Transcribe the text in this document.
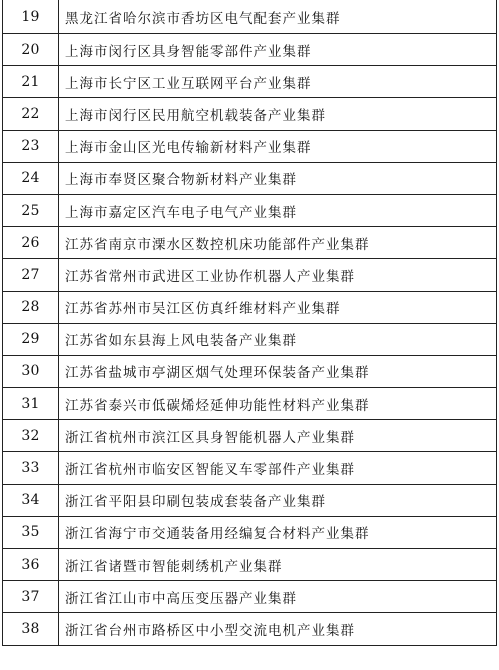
19	黑龙江省哈尔滨市香坊区电气配套产业集群
20	上海市闵行区具身智能零部件产业集群
21	上海市长宁区工业互联网平台产业集群
22	上海市闵行区民用航空机载装备产业集群
23	上海市金山区光电传输新材料产业集群
24	上海市奉贤区聚合物新材料产业集群
25	上海市嘉定区汽车电子电气产业集群
26	江苏省南京市溧水区数控机床功能部件产业集群
27	江苏省常州市武进区工业协作机器人产业集群
28	江苏省苏州市吴江区仿真纤维材料产业集群
29	江苏省如东县海上风电装备产业集群
30	江苏省盐城市亭湖区烟气处理环保装备产业集群
31	江苏省泰兴市低碳烯烃延伸功能性材料产业集群
32	浙江省杭州市滨江区具身智能机器人产业集群
33	浙江省杭州市临安区智能叉车零部件产业集群
34	浙江省平阳县印刷包装成套装备产业集群
35	浙江省海宁市交通装备用经编复合材料产业集群
36	浙江省诸暨市智能刺绣机产业集群
37	浙江省江山市中高压变压器产业集群
38	浙江省台州市路桥区中小型交流电机产业集群
